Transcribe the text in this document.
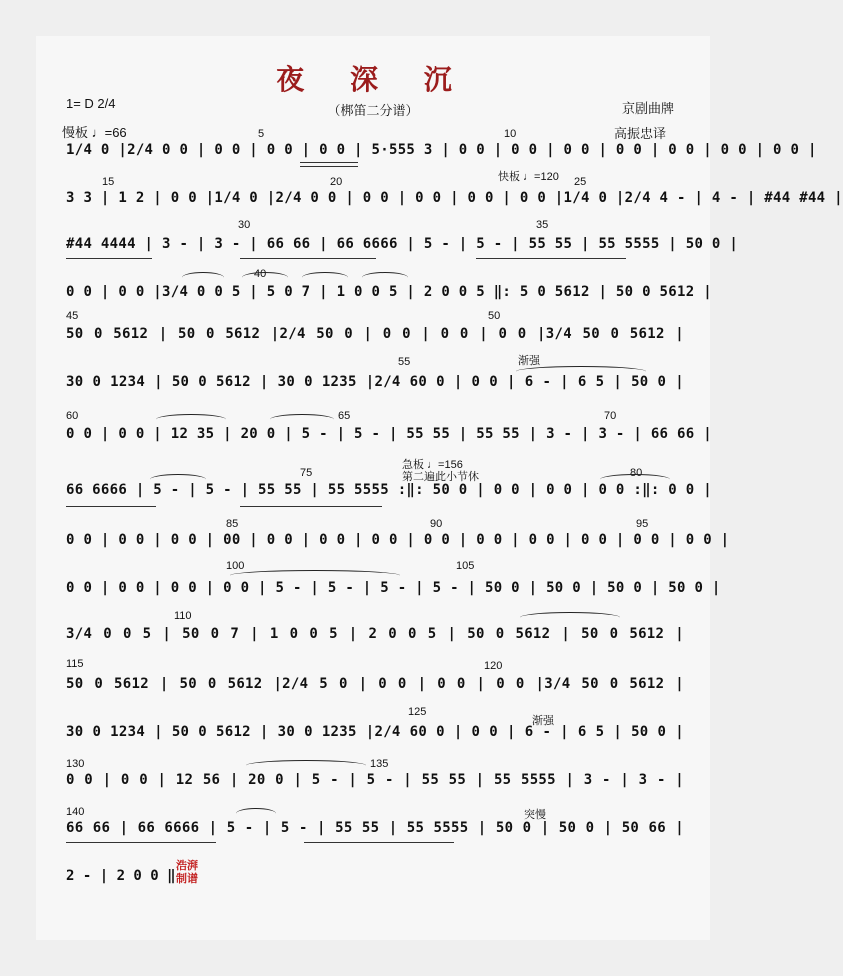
夜 深 沉
（梆笛二分谱）
1= D 2/4
慢板 ♩=66
京剧曲牌
高振忠译
快板 ♩=120
急板 ♩=156
第二遍此小节休
渐强
渐强
突慢
5	10
15	20	25
30	35
40
45	50
55
60	65	70
75	80
85	90	95
100	105
110
115	120
125
130	135
140
1/4 0 |2/4 0 0 | 0 0 | 0 0 | 0 0 | 5·555 3 | 0 0 | 0 0 | 0 0 | 0 0 | 0 0 | 0 0 | 0 0 |
3 3 | 1 2 | 0 0 |1/4 0 |2/4 0 0 | 0 0 | 0 0 | 0 0 | 0 0 |1/4 0 |2/4 4 - | 4 - | #44 #44 |
#44 4444 | 3 - | 3 - | 66 66 | 66 6666 | 5 - | 5 - | 55 55 | 55 5555 | 50 0 |
0 0 | 0 0 |3/4 0 0 5 | 5 0 7 | 1 0 0 5 | 2 0 0 5 ‖: 5 0 5612 | 50 0 5612 |
50 0 5612 | 50 0 5612 |2/4 50 0 | 0 0 | 0 0 | 0 0 |3/4 50 0 5612 |
30 0 1234 | 50 0 5612 | 30 0 1235 |2/4 60 0 | 0 0 | 6 - | 6 5 | 50 0 |
0 0 | 0 0 | 12 35 | 20 0 | 5 - | 5 - | 55 55 | 55 55 | 3 - | 3 - | 66 66 |
66 6666 | 5 - | 5 - | 55 55 | 55 5555 :‖: 50 0 | 0 0 | 0 0 | 0 0 :‖: 0 0 |
0 0 | 0 0 | 0 0 | 00 | 0 0 | 0 0 | 0 0 | 0 0 | 0 0 | 0 0 | 0 0 | 0 0 | 0 0 |
0 0 | 0 0 | 0 0 | 0 0 | 5 - | 5 - | 5 - | 5 - | 50 0 | 50 0 | 50 0 | 50 0 |
3/4 0 0 5 | 50 0 7 | 1 0 0 5 | 2 0 0 5 | 50 0 5612 | 50 0 5612 |
50 0 5612 | 50 0 5612 |2/4 5 0 | 0 0 | 0 0 | 0 0 |3/4 50 0 5612 |
30 0 1234 | 50 0 5612 | 30 0 1235 |2/4 60 0 | 0 0 | 6 - | 6 5 | 50 0 |
0 0 | 0 0 | 12 56 | 20 0 | 5 - | 5 - | 55 55 | 55 5555 | 3 - | 3 - |
66 66 | 66 6666 | 5 - | 5 - | 55 55 | 55 5555 | 50 0 | 50 0 | 50 66 |
2 - | 2 0 0 ‖
浩湃 制谱
